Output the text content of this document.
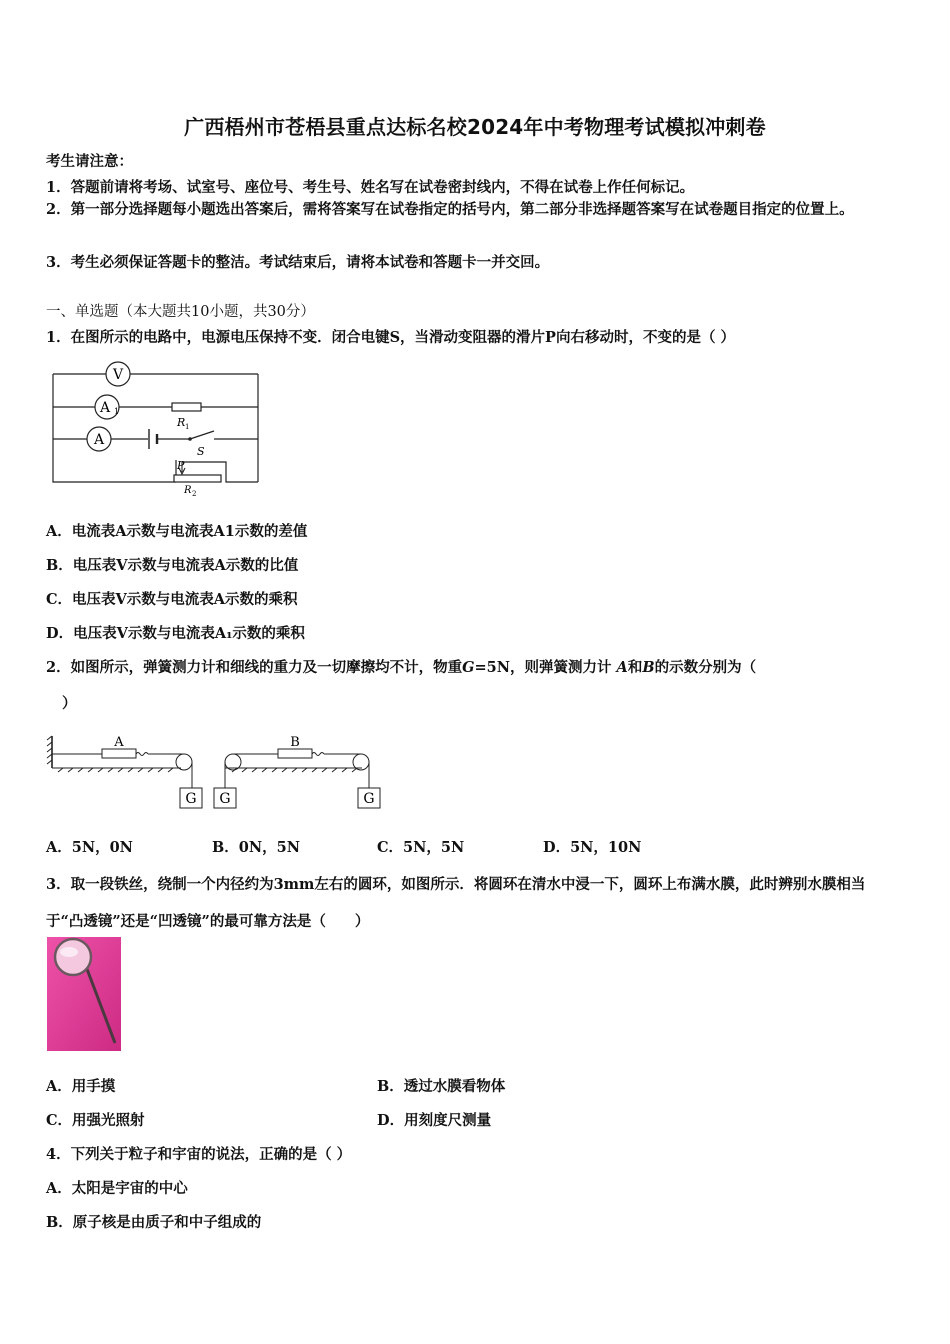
广西梧州市苍梧县重点达标名校2024年中考物理考试模拟冲刺卷
考生请注意：
1．答题前请将考场、试室号、座位号、考生号、姓名写在试卷密封线内，不得在试卷上作任何标记。
2．第一部分选择题每小题选出答案后，需将答案写在试卷指定的括号内，第二部分非选择题答案写在试卷题目指定的位置上。
3．考生必须保证答题卡的整洁。考试结束后，请将本试卷和答题卡一并交回。
一、单选题（本大题共10小题，共30分）
1．在图所示的电路中，电源电压保持不变．闭合电键S，当滑动变阻器的滑片P向右移动时，不变的是（ ）
V
A 1
A
R 1
S
P
R 2
A．电流表A示数与电流表A1示数的差值
B．电压表V示数与电流表A示数的比值
C．电压表V示数与电流表A示数的乘积
D．电压表V示数与电流表A₁示数的乘积
2．如图所示，弹簧测力计和细线的重力及一切摩擦均不计，物重G=5N，则弹簧测力计 A和B的示数分别为（
）
A	B
G G	G
A．5N，0N	B．0N，5N	C．5N，5N	D．5N，10N
3．取一段铁丝，绕制一个内径约为3mm左右的圆环，如图所示．将圆环在清水中浸一下，圆环上布满水膜，此时辨别水膜相当于“凸透镜”还是“凹透镜”的最可靠方法是（　　）
A．用手摸	B．透过水膜看物体
C．用强光照射	D．用刻度尺测量
4．下列关于粒子和宇宙的说法，正确的是（ ）
A．太阳是宇宙的中心
B．原子核是由质子和中子组成的
